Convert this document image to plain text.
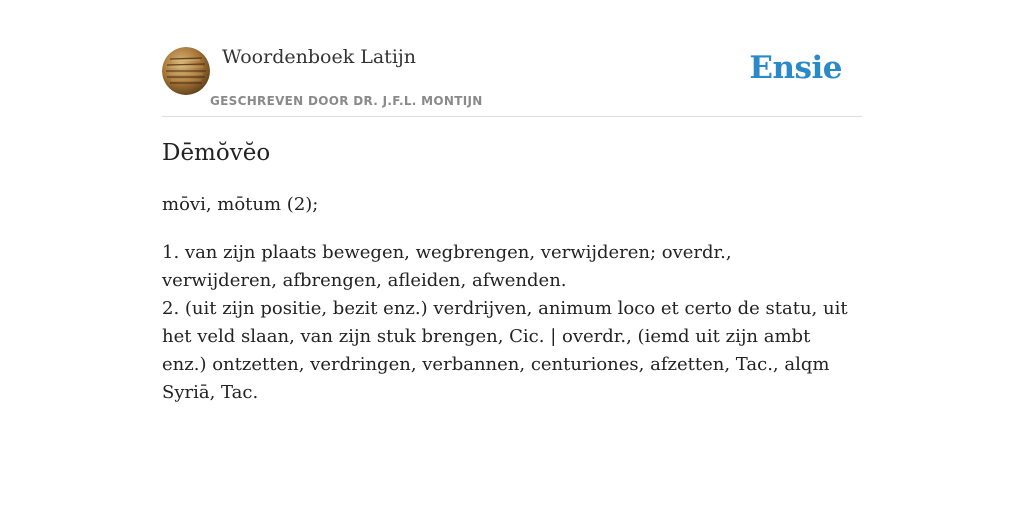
Woordenboek Latijn
GESCHREVEN DOOR DR. J.F.L. MONTIJN
Ensie
Dēmŏvĕo
mōvi, mōtum (2);

1. van zijn plaats bewegen, wegbrengen, verwijderen; overdr., verwijderen, afbrengen, afleiden, afwenden.

2. (uit zijn positie, bezit enz.) verdrijven, animum loco et certo de statu, uit het veld slaan, van zijn stuk brengen, Cic. | overdr., (iemd uit zijn ambt enz.) ontzetten, verdringen, verbannen, centuriones, afzetten, Tac., alqm Syriā, Tac.
